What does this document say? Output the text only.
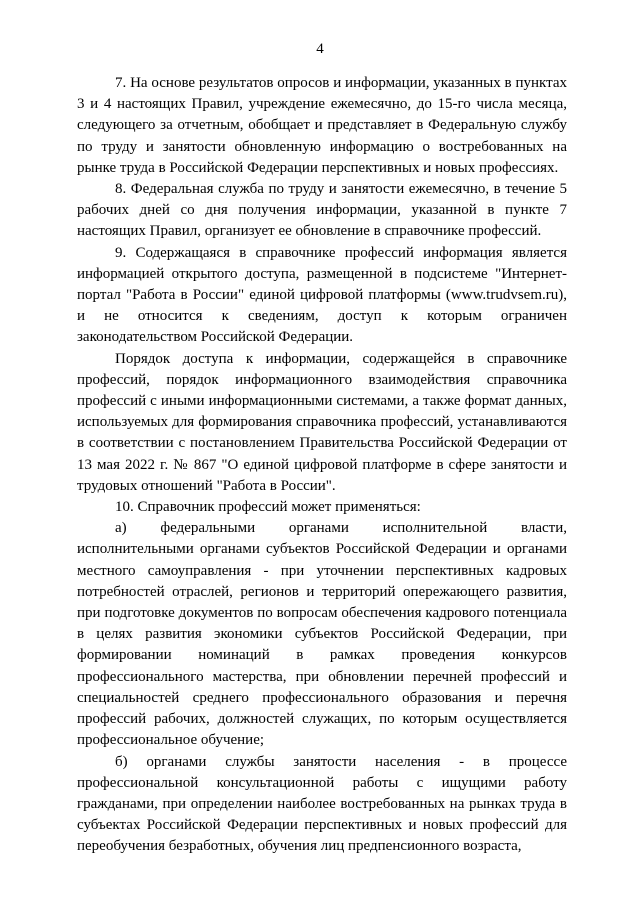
4

7. На основе результатов опросов и информации, указанных в пунктах 3 и 4 настоящих Правил, учреждение ежемесячно, до 15-го числа месяца, следующего за отчетным, обобщает и представляет в Федеральную службу по труду и занятости обновленную информацию о востребованных на рынке труда в Российской Федерации перспективных и новых профессиях.

8. Федеральная служба по труду и занятости ежемесячно, в течение 5 рабочих дней со дня получения информации, указанной в пункте 7 настоящих Правил, организует ее обновление в справочнике профессий.

9. Содержащаяся в справочнике профессий информация является информацией открытого доступа, размещенной в подсистеме "Интернет-портал "Работа в России" единой цифровой платформы (www.trudvsem.ru), и не относится к сведениям, доступ к которым ограничен законодательством Российской Федерации.

Порядок доступа к информации, содержащейся в справочнике профессий, порядок информационного взаимодействия справочника профессий с иными информационными системами, а также формат данных, используемых для формирования справочника профессий, устанавливаются в соответствии с постановлением Правительства Российской Федерации от 13 мая 2022 г. № 867 "О единой цифровой платформе в сфере занятости и трудовых отношений "Работа в России".

10. Справочник профессий может применяться:

а) федеральными органами исполнительной власти, исполнительными органами субъектов Российской Федерации и органами местного самоуправления - при уточнении перспективных кадровых потребностей отраслей, регионов и территорий опережающего развития, при подготовке документов по вопросам обеспечения кадрового потенциала в целях развития экономики субъектов Российской Федерации, при формировании номинаций в рамках проведения конкурсов профессионального мастерства, при обновлении перечней профессий и специальностей среднего профессионального образования и перечня профессий рабочих, должностей служащих, по которым осуществляется профессиональное обучение;

б) органами службы занятости населения - в процессе профессиональной консультационной работы с ищущими работу гражданами, при определении наиболее востребованных на рынках труда в субъектах Российской Федерации перспективных и новых профессий для переобучения безработных, обучения лиц предпенсионного возраста,
